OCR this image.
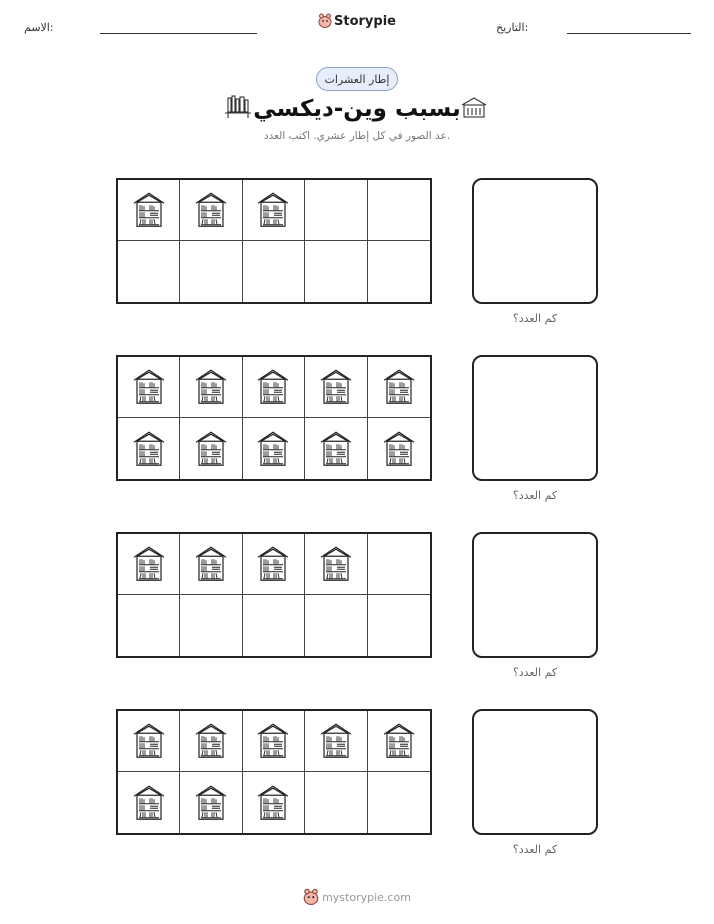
الاسم:	Storypie	التاريخ:
إطار العشرات
بسبب وين-ديكسي
عد الصور في كل إطار عشري. اكتب العدد.
كم العدد؟
كم العدد؟
كم العدد؟
كم العدد؟
mystorypie.com
